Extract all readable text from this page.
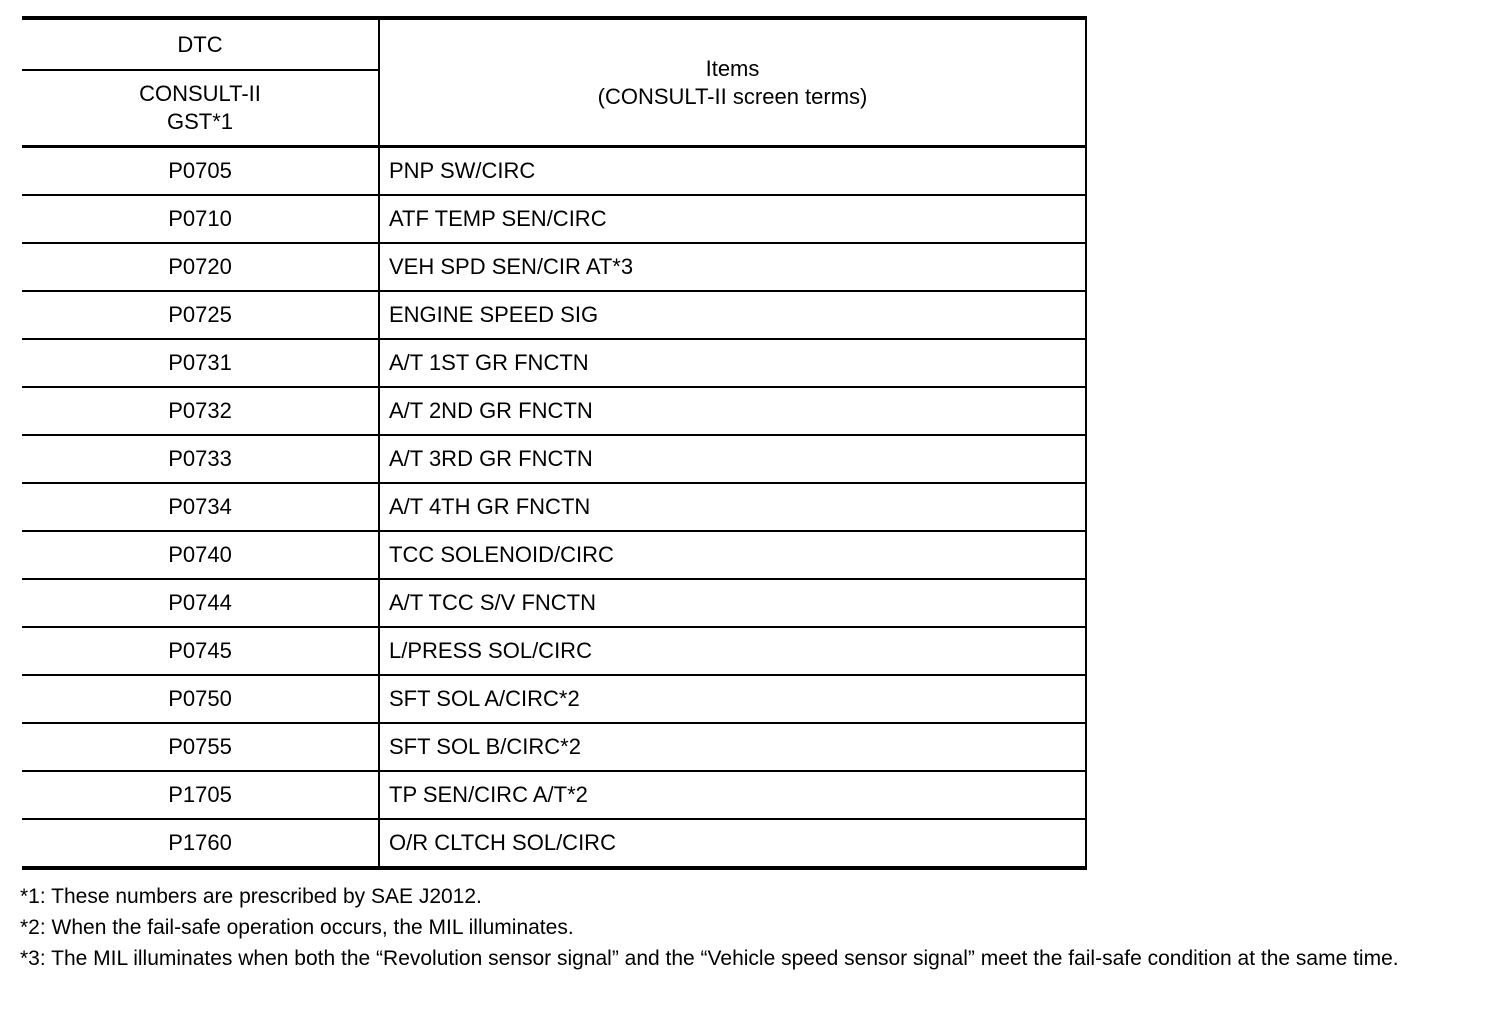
DTC	Items
(CONSULT-II screen terms)

CONSULT-II
GST*1	

P0705	PNP SW/CIRC
P0710	ATF TEMP SEN/CIRC
P0720	VEH SPD SEN/CIR AT*3
P0725	ENGINE SPEED SIG
P0731	A/T 1ST GR FNCTN
P0732	A/T 2ND GR FNCTN
P0733	A/T 3RD GR FNCTN
P0734	A/T 4TH GR FNCTN
P0740	TCC SOLENOID/CIRC
P0744	A/T TCC S/V FNCTN
P0745	L/PRESS SOL/CIRC
P0750	SFT SOL A/CIRC*2
P0755	SFT SOL B/CIRC*2
P1705	TP SEN/CIRC A/T*2
P1760	O/R CLTCH SOL/CIRC

*1: These numbers are prescribed by SAE J2012.

*2: When the fail-safe operation occurs, the MIL illuminates.

*3: The MIL illuminates when both the “Revolution sensor signal” and the “Vehicle speed sensor signal” meet the fail-safe condition at the same time.
